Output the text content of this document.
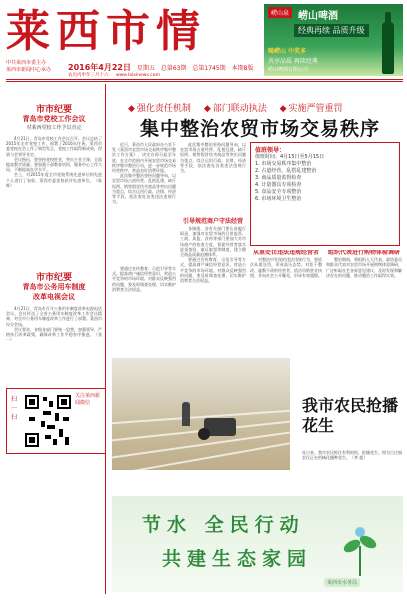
莱西市情
中共莱西市委主办
莱西市新闻中心承办	2016年4月22日 星期五 总第63期 总第1745期 本期8版
农历丙申年三月十六 www.laixinews.com
崂山泉 崂山啤酒
经典再续 品质升级
喝崂山 中奖多
共享品质 再续经典
崂山啤酒有限公司
市市纪要
青岛市党校工作会议
对莱西党校工作予以肯定

4月21日，青岛市党校工作会议召开。会议总结了2015年全市党校工作，部署了2016年任务。莱西市委党校在会上作了典型发言，党校工作取得新成效，得到与会领导肯定。

会议指出，要坚持党校姓党，突出主业主课，全面提高教学质量；要加强干部教育培训，服务中心工作大局，不断提高办学水平。

会上，对2015年度全市党校系统先进单位和先进个人进行了表彰，莱西市委党校获评先进单位。（陈 辉）

市市纪要
青岛市公务用车制度
改革电视会议

4月21日，青岛市召开公务用车制度改革电视电话会议。会议传达了全省公务用车制度改革工作会议精神，对全市公务用车制度改革工作进行了部署。莱西市设分会场。

会议要求，各级各部门要统一思想，加强领导，严格执行改革政策，确保改革工作平稳有序推进。（张 一）

扫一扫
关注莱西新闻微信
◆ 强化责任机制 ◆ 部门联动执法 ◆ 实施严管重罚
集中整治农贸市场交易秩序

近日，莱西市人民政府办公室下发《莱西市农贸市场交易秩序集中整治工作方案》，决定自即日起至年底，在全市范围内开展农贸市场交易秩序集中整治行动，进一步规范市场经营秩序，营造良好消费环境。

此次集中整治坚持问题导向，以农贸市场占道经营、乱搭乱建、缺斤短两、销售假冒伪劣商品等突出问题为重点，综合运用行政、法律、经济等手段，依法查处各类违法违规行为。

此次集中整治坚持问题导向，以农贸市场占道经营、乱搭乱建、缺斤短两、销售假冒伪劣商品等突出问题为重点，综合运用行政、法律、经济等手段，依法查处各类违法违规行为。

引导规范商户守法经营

各镇街、各有关部门要认真履行职责，加强对农贸市场的日常监管。工商、质监、食药等部门要加大对市场商户的检查力度，督促经营者落实进货查验、索证索票等制度，建立健全商品质量追溯体系。

要通过宣传教育、示范引导等方式，提高商户诚信经营意识，营造公平竞争的市场环境。对群众反映强烈的问题，要及时调查处理，切实维护消费者合法权益。

要通过宣传教育、示范引导等方式，提高商户诚信经营意识，营造公平竞争的市场环境。对群众反映强烈的问题，要及时调查处理，切实维护消费者合法权益。

值班领导：
值班时间：4月15日至5月15日
1. 市场交易秩序集中整治
2. 占道经营、乱搭乱建整治
3. 商品质量监督检查
4. 计量器具专项检查
5. 食品安全专项整治
6. 市场环境卫生整治
从重处罚违法违规经营者

对整治中发现的违法违规行为，要依法从重处罚，形成高压态势。对拒不整改、屡教不改的经营者，依法吊销营业执照，并向社会公开曝光，形成有效震慑。

组织代表进行购物体验调研

整治期间，将组织人大代表、政协委员和群众代表对农贸市场开展购物体验调研，广泛听取社会各界意见建议，及时发现和解决存在的问题，推动整治工作取得实效。

我市农民抢播花生
连日来，我市农民抓住有利时机，抢播花生。图为日庄镇农民正在机械化播种花生。（李 超）
节水 全民行动
共建生态家园
莱西市水务局
